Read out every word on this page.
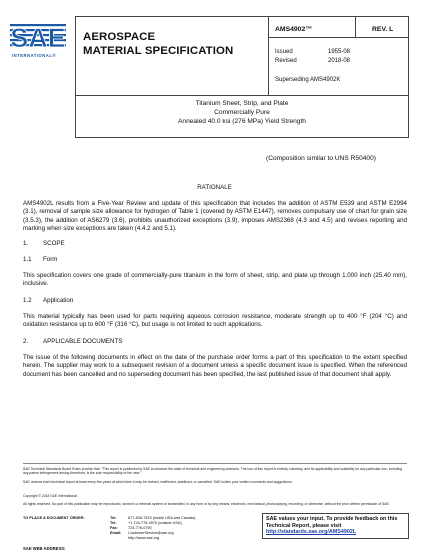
SAE
INTERNATIONAL®
AEROSPACE
MATERIAL SPECIFICATION
AMS4902™	REV. L
Issued	1955-08
Revised	2018-08
Superseding AMS4902K
Titanium Sheet, Strip, and Plate
Commercially Pure
Annealed 40.0 ksi (276 MPa) Yield Strength
(Composition similar to UNS R50400)
RATIONALE
AMS4902L results from a Five-Year Review and update of this specification that includes the addition of ASTM E539 and ASTM E2994 (3.1), removal of sample size allowance for hydrogen of Table 1 (covered by ASTM E1447), removes compulsary use of chart for grain size (3.5.3), the addition of AS6279 (3.6), prohibits unauthorized exceptions (3.9), imposes AMS2368 (4.3 and 4.5) and revises reporting and marking when size exceptions are taken (4.4.2 and 5.1).
1. SCOPE
1.1 Form
This specification covers one grade of commercially-pure titanium in the form of sheet, strip, and plate up through 1.000 inch (25.40 mm), inclusive.
1.2 Application
This material typically has been used for parts requiring aqueous corrosion resistance, moderate strength up to 400 °F (204 °C) and oxidation resistance up to 600 °F (316 °C), but usage is not limited to such applications.
2. APPLICABLE DOCUMENTS
The issue of the following documents in effect on the date of the purchase order forms a part of this specification to the extent specified herein. The supplier may work to a subsequent revision of a document unless a specific document issue is specified. When the referenced document has been cancelled and no superseding document has been specified, the last published issue of that document shall apply.
SAE Technical Standards Board Rules provide that: "This report is published by SAE to advance the state of technical and engineering sciences. The use of this report is entirely voluntary, and its applicability and suitability for any particular use, including any patent infringement arising therefrom, is the sole responsibility of the user."
SAE reviews each technical report at least every five years at which time it may be revised, reaffirmed, stabilized, or cancelled. SAE invites your written comments and suggestions.
Copyright © 2018 SAE International
All rights reserved. No part of this publication may be reproduced, stored in a retrieval system or transmitted, in any form or by any means, electronic, mechanical, photocopying, recording, or otherwise, without the prior written permission of SAE.
TO PLACE A DOCUMENT ORDER:	Tel:	877-606-7323 (inside USA and Canada)
Tel:	+1 724-776-4970 (outside USA)
Fax:	724-776-0790
Email: CustomerService@sae.org
http://www.sae.org
SAE WEB ADDRESS:
SAE values your input. To provide feedback on this
Technical Report, please visit
http://standards.sae.org/AMS4902L
